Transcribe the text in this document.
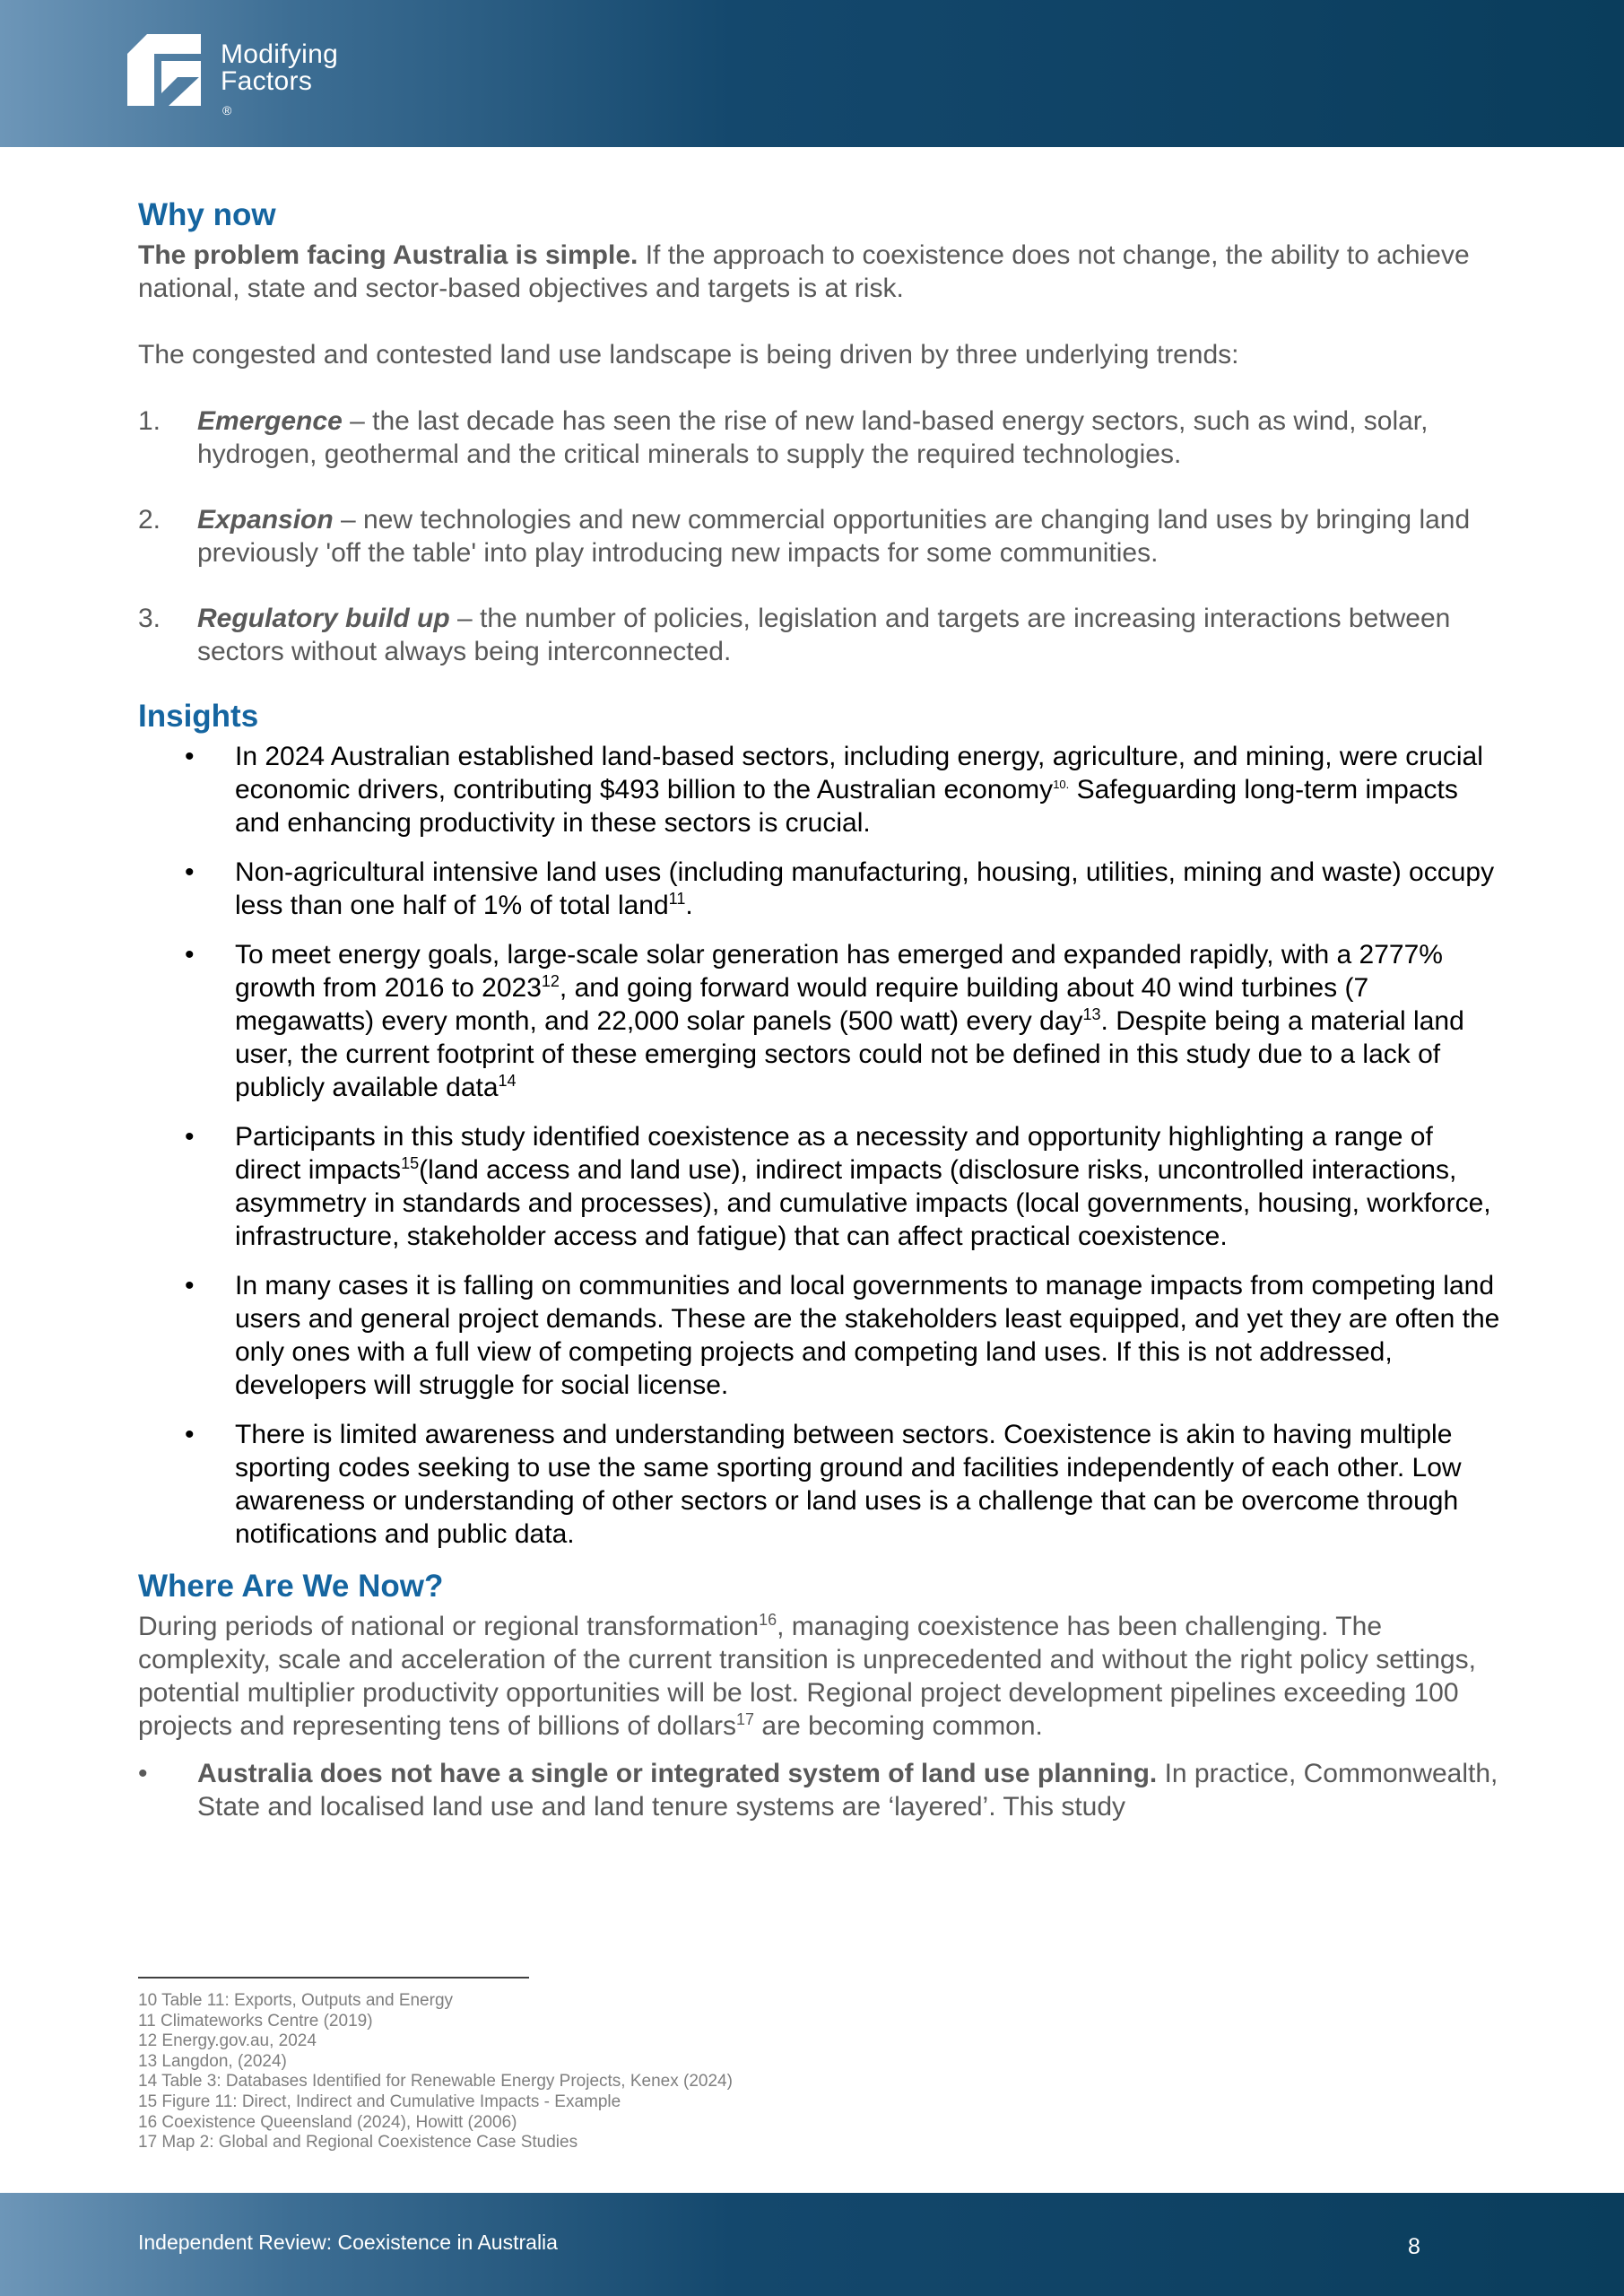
Modifying
Factors
®
Why now

The problem facing Australia is simple. If the approach to coexistence does not change, the ability to achieve national, state and sector-based objectives and targets is at risk.

The congested and contested land use landscape is being driven by three underlying trends:

1. Emergence – the last decade has seen the rise of new land-based energy sectors, such as wind, solar, hydrogen, geothermal and the critical minerals to supply the required technologies.
2. Expansion – new technologies and new commercial opportunities are changing land uses by bringing land previously 'off the table' into play introducing new impacts for some communities.
3. Regulatory build up – the number of policies, legislation and targets are increasing interactions between sectors without always being interconnected.
Insights
• In 2024 Australian established land-based sectors, including energy, agriculture, and mining, were crucial economic drivers, contributing $493 billion to the Australian economy$^{10.}$ Safeguarding long-term impacts and enhancing productivity in these sectors is crucial.
• Non-agricultural intensive land uses (including manufacturing, housing, utilities, mining and waste) occupy less than one half of 1% of total land$^{11}$.
• To meet energy goals, large-scale solar generation has emerged and expanded rapidly, with a 2777% growth from 2016 to 2023$^{12}$, and going forward would require building about 40 wind turbines (7 megawatts) every month, and 22,000 solar panels (500 watt) every day$^{13}$. Despite being a material land user, the current footprint of these emerging sectors could not be defined in this study due to a lack of publicly available data$^{14}$
• Participants in this study identified coexistence as a necessity and opportunity highlighting a range of direct impacts$^{15}$(land access and land use), indirect impacts (disclosure risks, uncontrolled interactions, asymmetry in standards and processes), and cumulative impacts (local governments, housing, workforce, infrastructure, stakeholder access and fatigue) that can affect practical coexistence.
• In many cases it is falling on communities and local governments to manage impacts from competing land users and general project demands. These are the stakeholders least equipped, and yet they are often the only ones with a full view of competing projects and competing land uses. If this is not addressed, developers will struggle for social license.
• There is limited awareness and understanding between sectors. Coexistence is akin to having multiple sporting codes seeking to use the same sporting ground and facilities independently of each other. Low awareness or understanding of other sectors or land uses is a challenge that can be overcome through notifications and public data.
Where Are We Now?

During periods of national or regional transformation$^{16}$, managing coexistence has been challenging. The complexity, scale and acceleration of the current transition is unprecedented and without the right policy settings, potential multiplier productivity opportunities will be lost. Regional project development pipelines exceeding 100 projects and representing tens of billions of dollars$^{17}$ are becoming common.

• Australia does not have a single or integrated system of land use planning. In practice, Commonwealth, State and localised land use and land tenure systems are ‘layered’. This study
10 Table 11: Exports, Outputs and Energy
11 Climateworks Centre (2019)
12 Energy.gov.au, 2024
13 Langdon, (2024)
14 Table 3: Databases Identified for Renewable Energy Projects, Kenex (2024)
15 Figure 11: Direct, Indirect and Cumulative Impacts - Example
16 Coexistence Queensland (2024), Howitt (2006)
17 Map 2: Global and Regional Coexistence Case Studies
Independent Review: Coexistence in Australia	8
